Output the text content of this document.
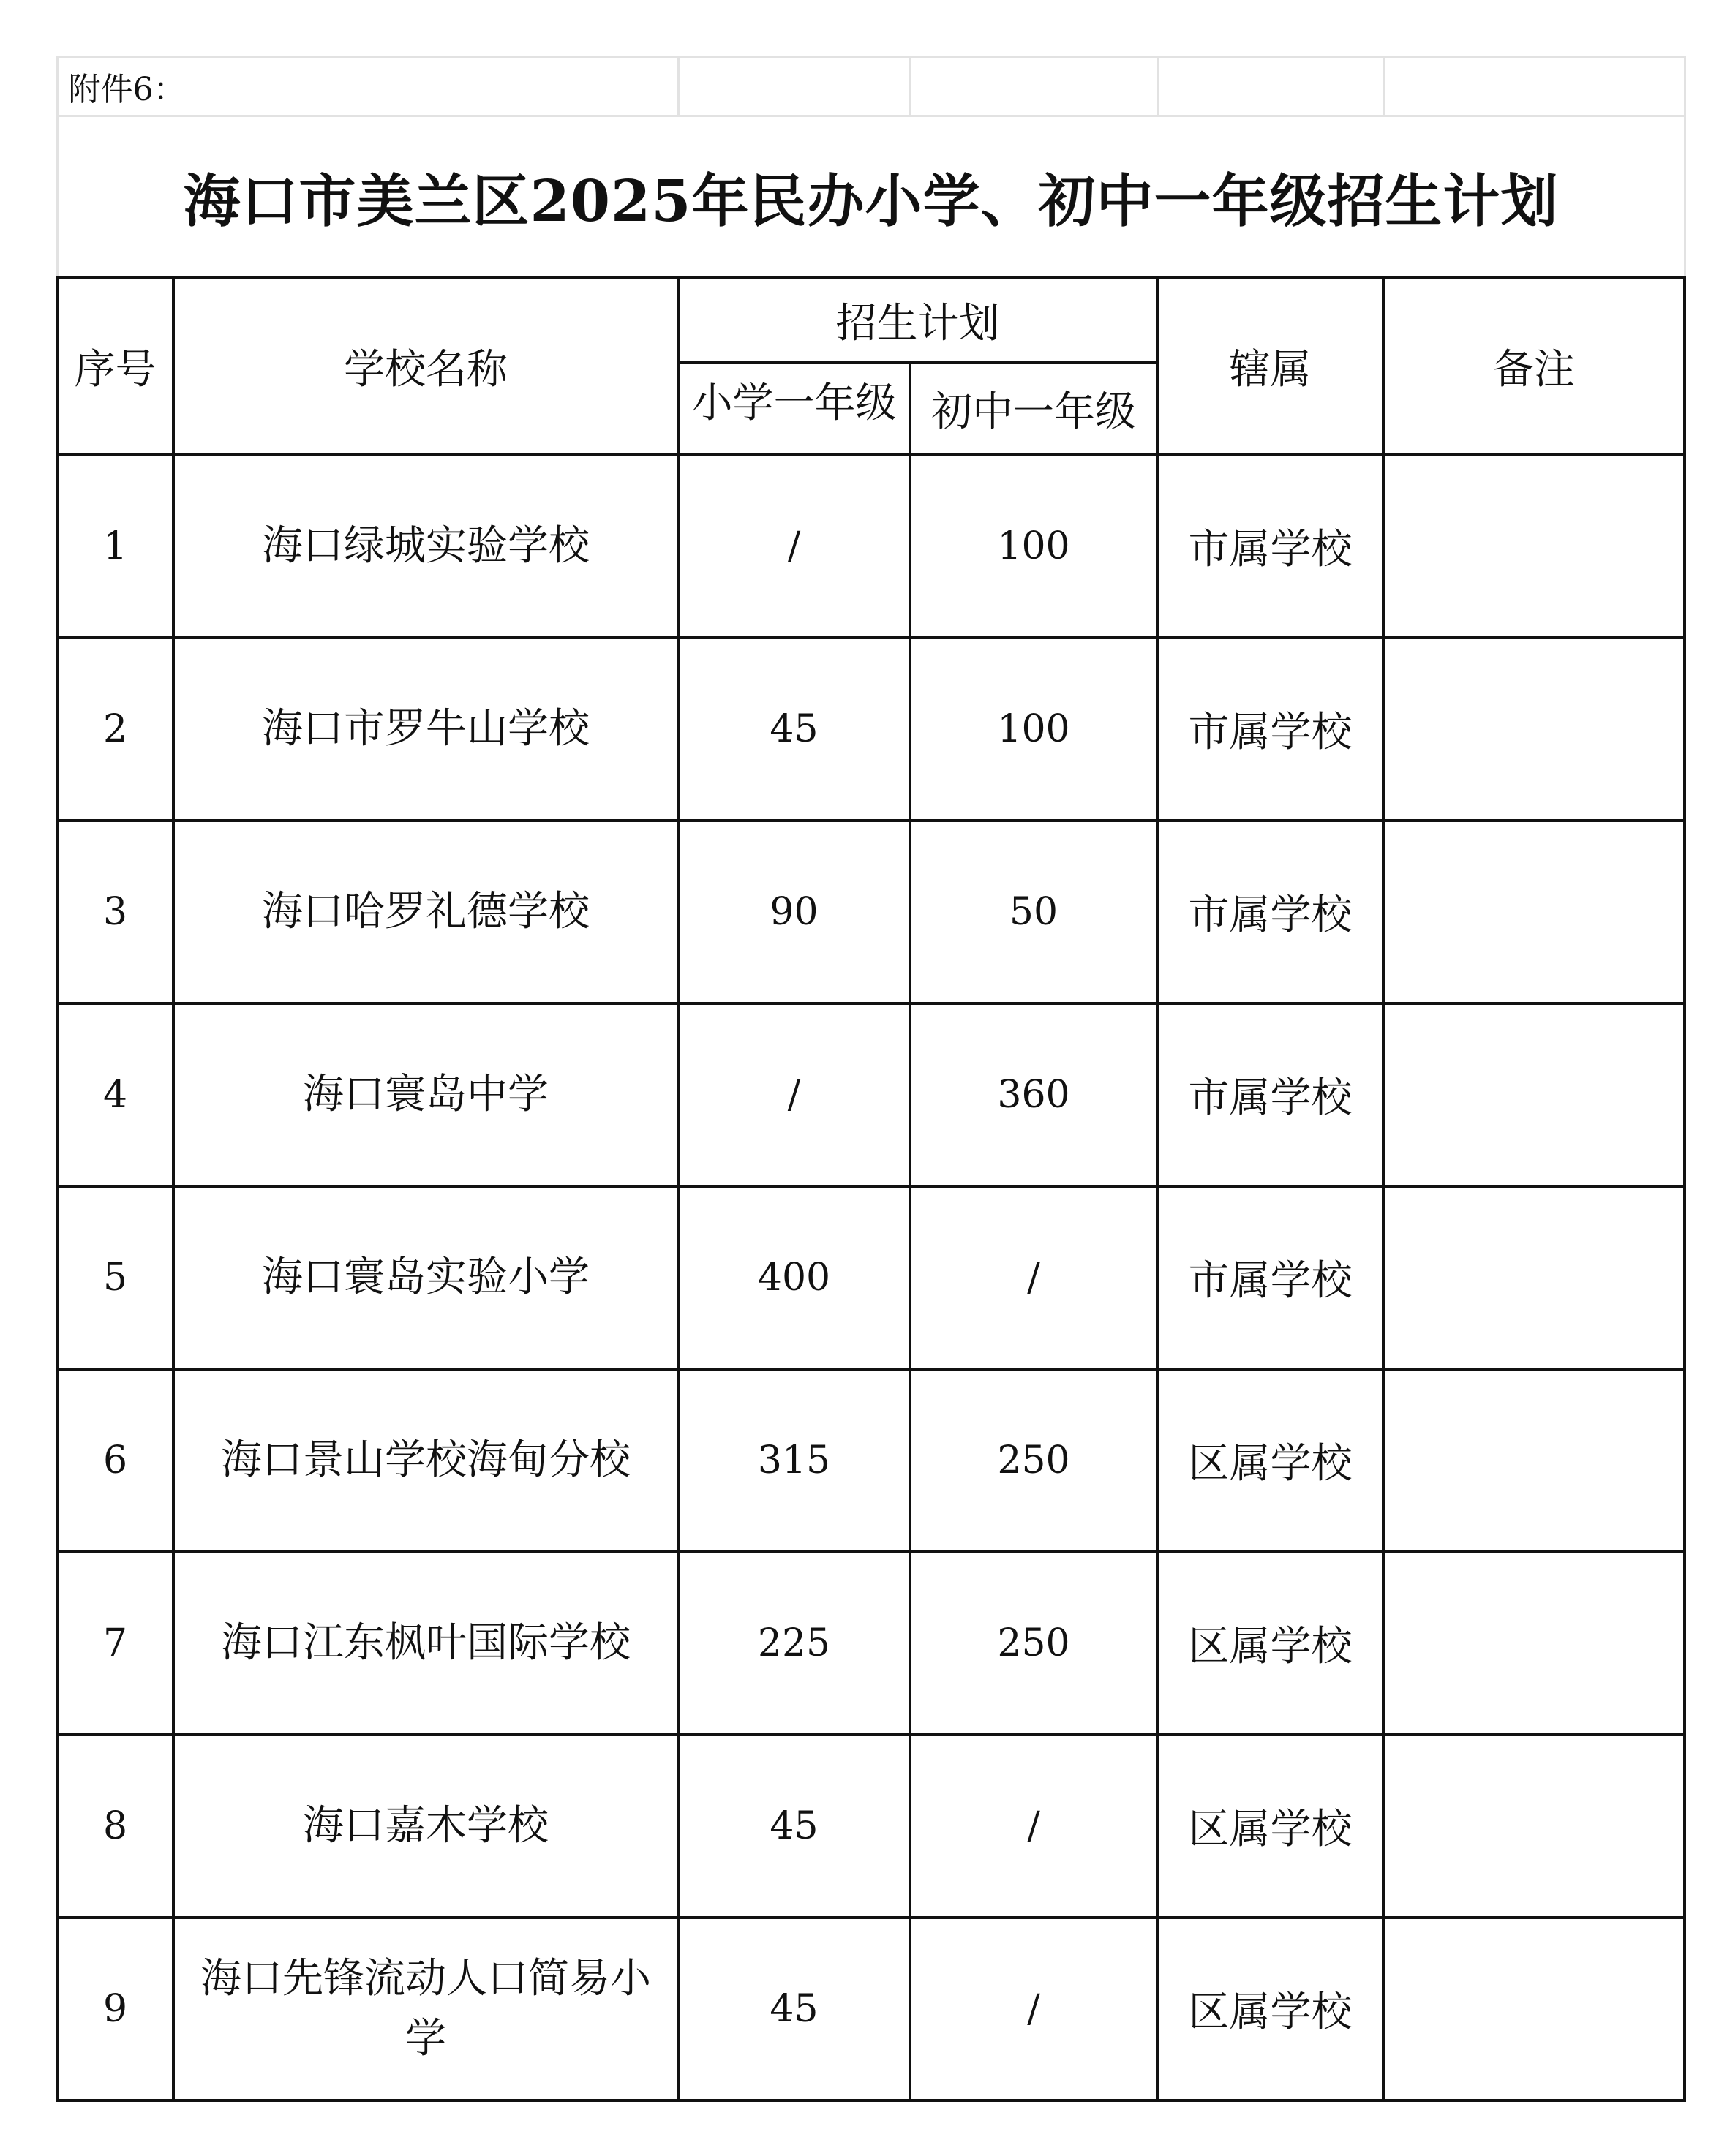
附件6：					
海口市美兰区2025年民办小学、初中一年级招生计划					
序号	学校名称	招生计划		辖属	备注

		小学一年级	初中一年级		
1	海口绿城实验学校	/	100	市属学校	
2	海口市罗牛山学校	45	100	市属学校	
3	海口哈罗礼德学校	90	50	市属学校	
4	海口寰岛中学	/	360	市属学校	
5	海口寰岛实验小学	400	/	市属学校	
6	海口景山学校海甸分校	315	250	区属学校	
7	海口江东枫叶国际学校	225	250	区属学校	
8	海口嘉木学校	45	/	区属学校	
9	海口先锋流动人口简易小学	45	/	区属学校	
